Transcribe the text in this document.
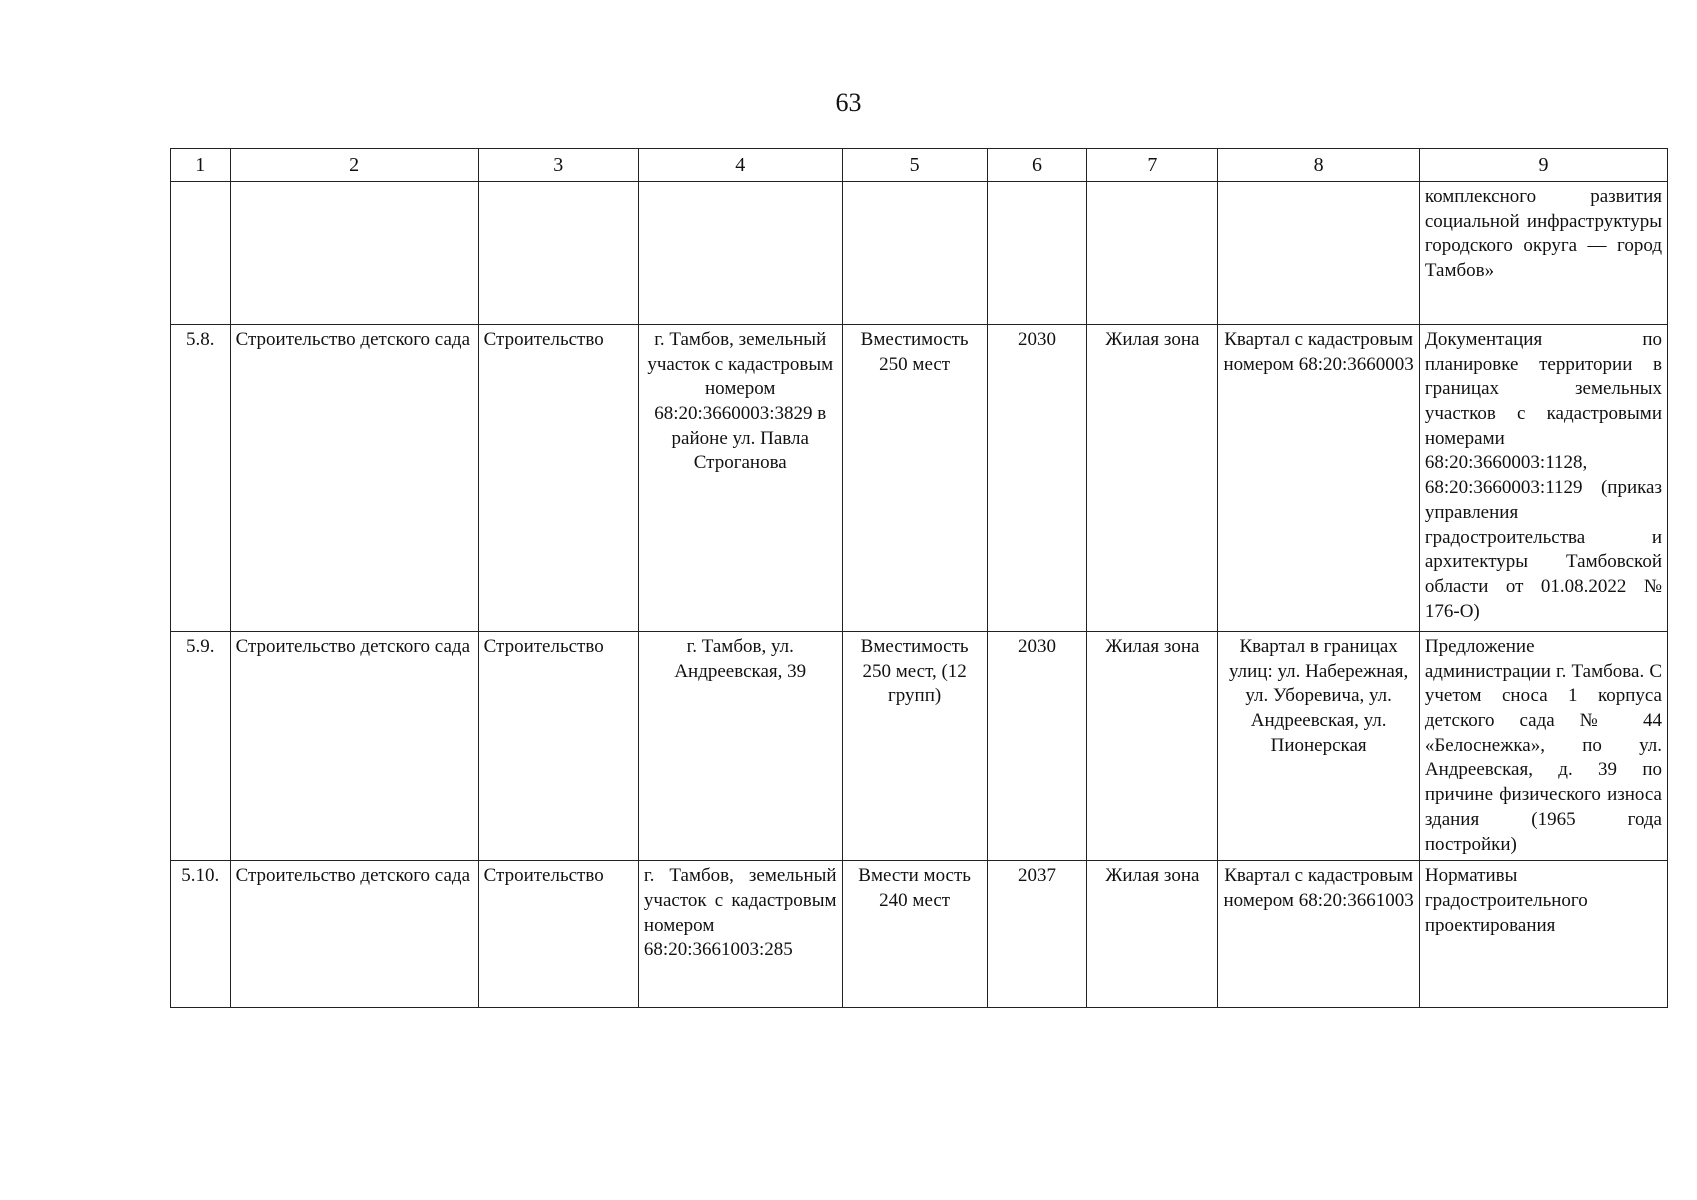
63
1	2	3	4	5	6	7	8	9
								комплексного развития социальной инфраструктуры городского округа — город Тамбов»
5.8.	Строительство детского сада	Строительство	г. Тамбов, земельный участок с кадастровым номером 68:20:3660003:3829 в районе ул. Павла Строганова	Вместимость 250 мест	2030	Жилая зона	Квартал с кадастровым номером 68:20:3660003	Документация по планировке территории в границах земельных участков с кадастровыми номерами 68:20:3660003:1128, 68:20:3660003:1129 (приказ управления градостроительства и архитектуры Тамбовской области от 01.08.2022 № 176-О)
5.9.	Строительство детского сада	Строительство	г. Тамбов, ул. Андреевская, 39	Вместимость 250 мест, (12 групп)	2030	Жилая зона	Квартал в границах улиц: ул. Набережная, ул. Уборевича, ул. Андреевская, ул. Пионерская	Предложение администрации г. Тамбова. С учетом сноса 1 корпуса детского сада № 44 «Белоснежка», по ул. Андреевская, д. 39 по причине физического износа здания (1965 года постройки)
5.10.	Строительство детского сада	Строительство	г. Тамбов, земельный участок с кадастровым номером 68:20:3661003:285	Вмести мость 240 мест	2037	Жилая зона	Квартал с кадастровым номером 68:20:3661003	Нормативы градостроительного проектирования
